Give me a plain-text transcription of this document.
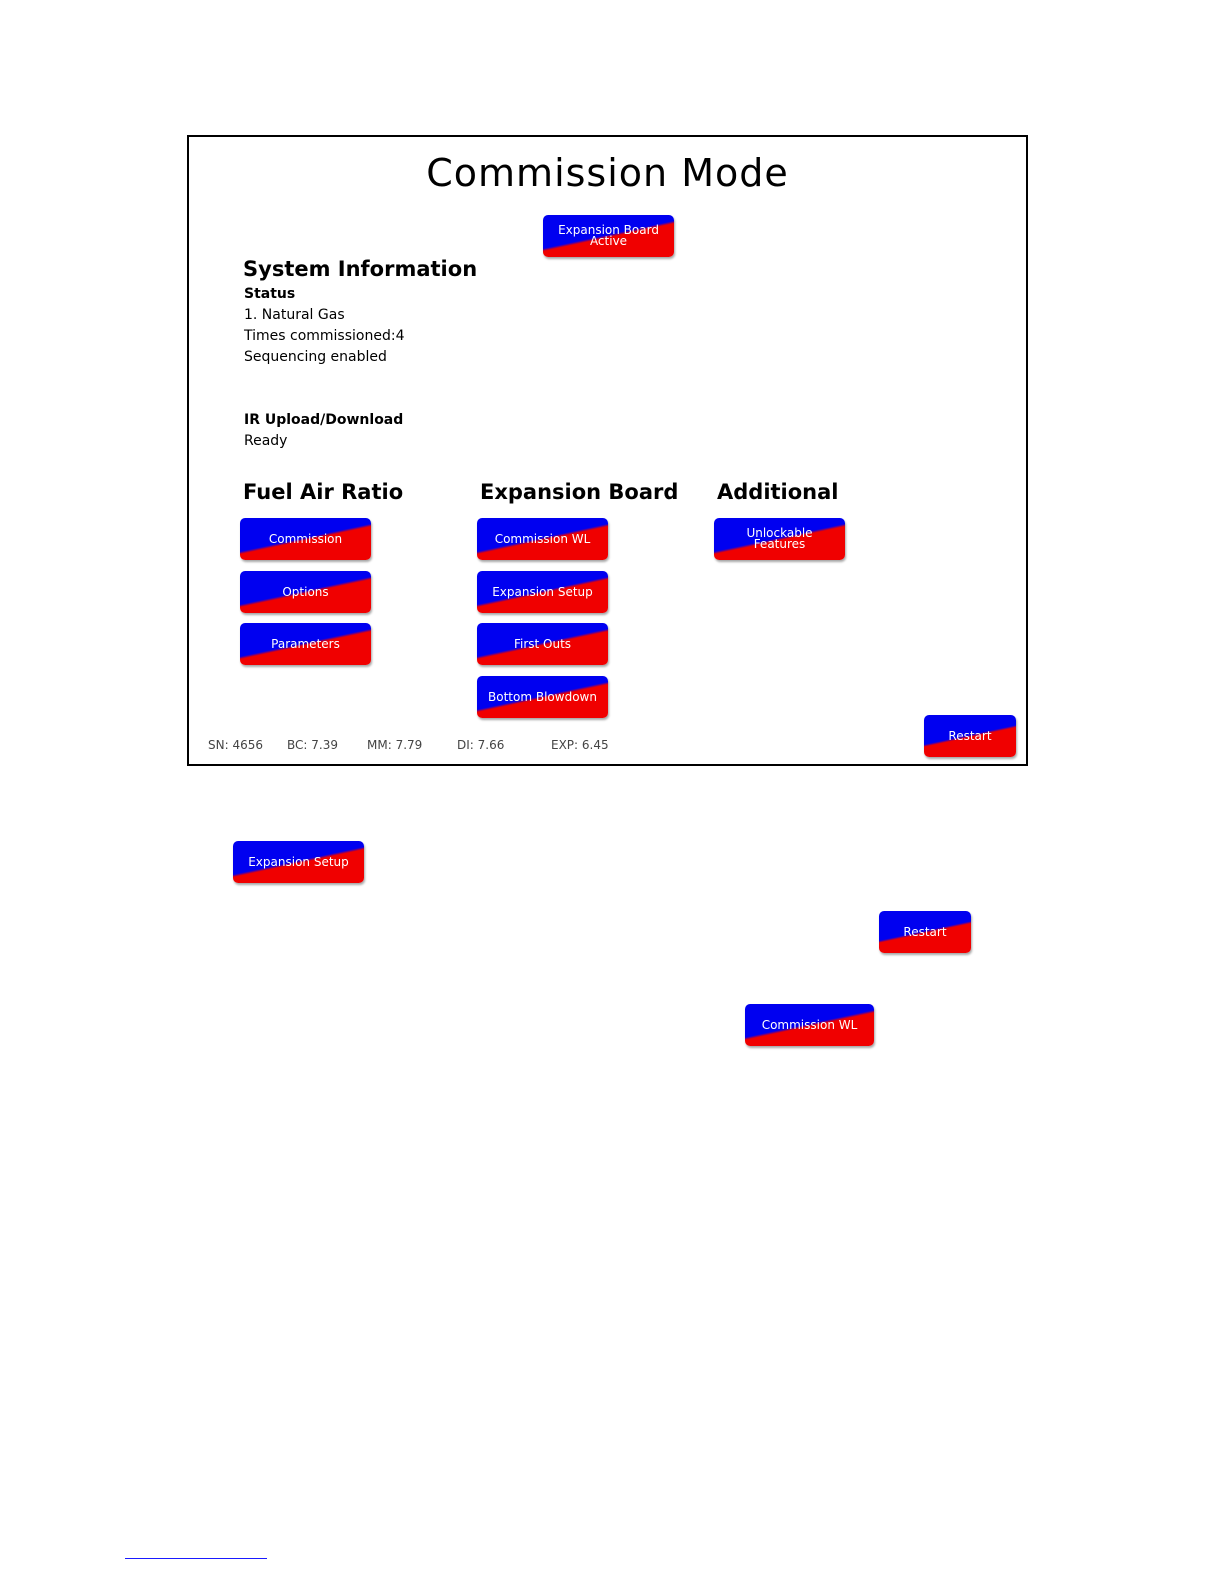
Commission Mode
Expansion Board
Active
System Information
Status
1. Natural Gas
Times commissioned:4
Sequencing enabled
IR Upload/Download
Ready
Fuel Air Ratio	Expansion Board Additional
Commission
Options
Parameters
Commission WL
Expansion Setup
First Outs
Bottom Blowdown
Unlockable
Features
SN: 4656 BC: 7.39 MM: 7.79	DI: 7.66	EXP: 6.45
Restart
Expansion Setup
Restart
Commission WL
